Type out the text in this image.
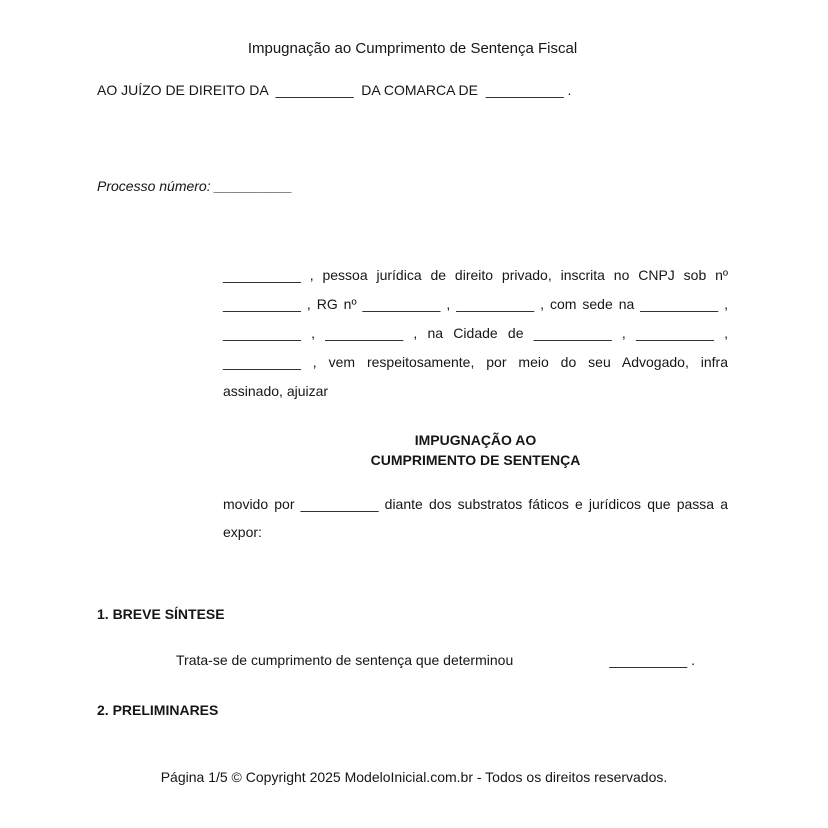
Impugnação ao Cumprimento de Sentença Fiscal
AO JUÍZO DE DIREITO DA  __________  DA COMARCA DE  __________ .
Processo número: __________
__________ , pessoa jurídica de direito privado, inscrita no CNPJ sob nº
__________ , RG nº __________ , __________ , com sede na __________ ,
__________ , __________ , na Cidade de __________ , __________ ,
__________ , vem respeitosamente, por meio do seu Advogado, infra
assinado, ajuizar
IMPUGNAÇÃO AO
CUMPRIMENTO DE SENTENÇA
movido por __________ diante dos substratos fáticos e jurídicos que passa a
expor:
1. BREVE SÍNTESE
Trata-se de cumprimento de sentença que determinou	__________ .
2. PRELIMINARES
Página 1/5 © Copyright 2025 ModeloInicial.com.br - Todos os direitos reservados.
